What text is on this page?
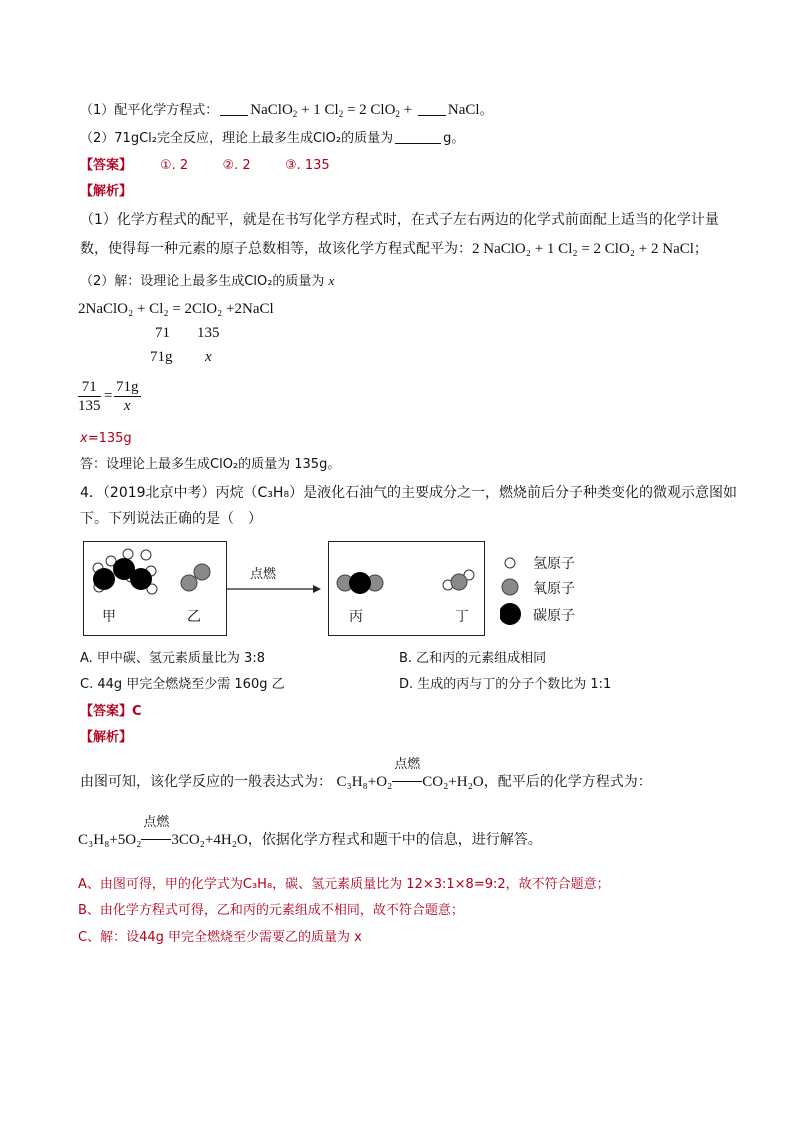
（1）配平化学方程式： NaClO$_2$ + 1 $Cl_2 = 2$ ClO$_2$ + NaCl。
（2）71gCl₂完全反应，理论上最多生成ClO₂的质量为	g。
【答案】 ①. 2	②. 2	③. 135
【解析】
（1）化学方程式的配平，就是在书写化学方程式时，在式子左右两边的化学式前面配上适当的化学计量
数，使得每一种元素的原子总数相等，故该化学方程式配平为：2 NaClO₂ + 1 Cl₂ = 2 ClO₂ + 2 NaCl；
（2）解：设理论上最多生成ClO₂的质量为 x
2NaClO₂ + Cl₂ = 2ClO₂ +2NaCl
71 135
71g x
$\frac{71}{135} = \frac{71g}{x}$
x=135g
答：设理论上最多生成ClO₂的质量为 135g。
4．（2019北京中考）丙烷（C₃H₈）是液化石油气的主要成分之一，燃烧前后分子种类变化的微观示意图如
下。下列说法正确的是（　）
甲	乙
点燃
丙	丁
氢原子
氧原子
碳原子
A. 甲中碳、氢元素质量比为 3:8	B. 乙和丙的元素组成相同
C. 44g 甲完全燃烧至少需 160g 乙	D. 生成的丙与丁的分子个数比为 1:1
【答案】C
【解析】
由图可知，该化学反应的一般表达式为： C₃H₈+O₂
点燃
CO₂+H₂O，配平后的化学方程式为：
C₃H₈+5O₂
点燃
3CO₂+4H₂O，依据化学方程式和题干中的信息，进行解答。
A、由图可得，甲的化学式为C₃H₈，碳、氢元素质量比为 12×3:1×8=9:2，故不符合题意；
B、由化学方程式可得，乙和丙的元素组成不相同，故不符合题意；
C、解：设44g 甲完全燃烧至少需要乙的质量为 x
